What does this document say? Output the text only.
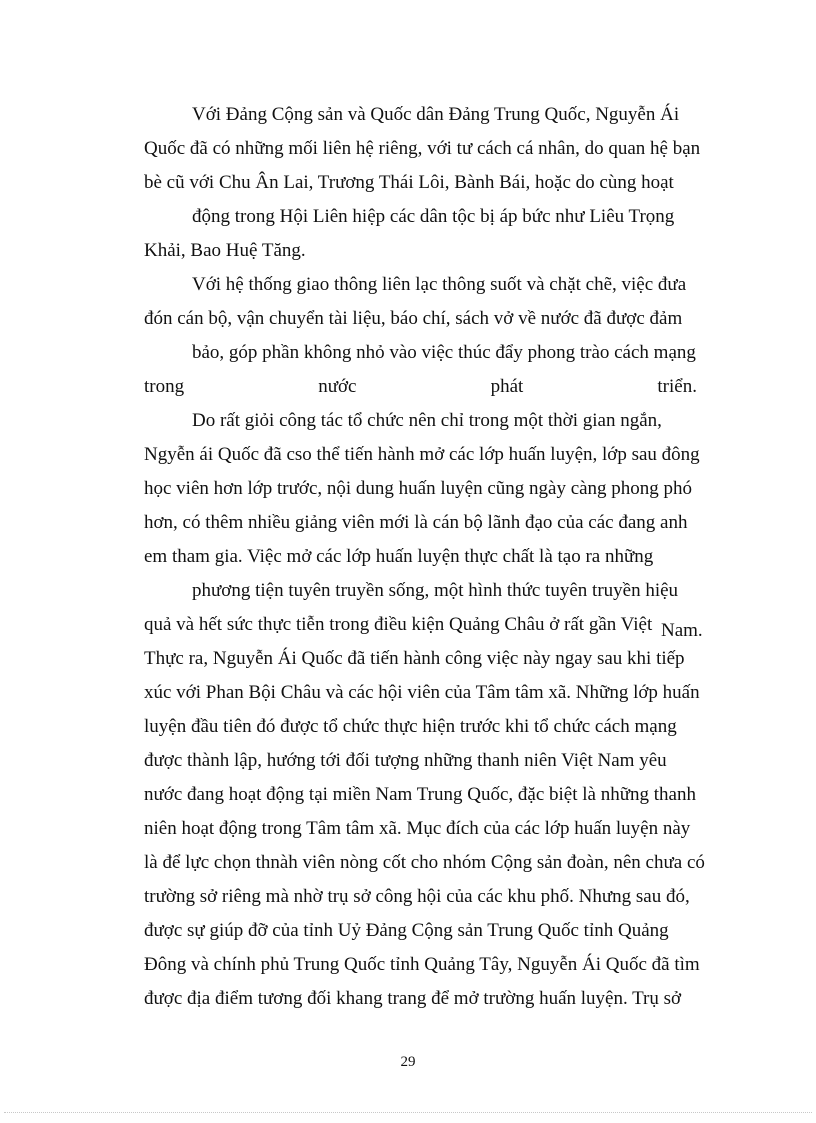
Với Đảng Cộng sản và Quốc dân Đảng Trung Quốc, Nguyễn Ái
Quốc đã có những mối liên hệ riêng, với tư cách cá nhân, do quan hệ bạn
bè cũ với Chu Ân Lai, Trương Thái Lôi, Bành Bái, hoặc do cùng hoạt
động trong Hội Liên hiệp các dân tộc bị áp bức như Liêu Trọng
Khải, Bao Huệ Tăng.
Với hệ thống giao thông liên lạc thông suốt và chặt chẽ, việc đưa
đón cán bộ, vận chuyển tài liệu, báo chí, sách vở về nước đã được đảm
bảo, góp phần không nhỏ vào việc thúc đẩy phong trào cách mạng
trong	nước	phát	triển.
Do rất giỏi công tác tổ chức nên chỉ trong một thời gian ngắn,
Ngyễn ái Quốc đã cso thể tiến hành mở các lớp huấn luyện, lớp sau đông
học viên hơn lớp trước, nội dung huấn luyện cũng ngày càng phong phó
hơn, có thêm nhiều giảng viên mới là cán bộ lãnh đạo của các đang anh
em tham gia. Việc mở các lớp huấn luyện thực chất là tạo ra những
phương tiện tuyên truyền sống, một hình thức tuyên truyền hiệu
quả và hết sức thực tiễn trong điều kiện Quảng Châu ở rất gần Việt Nam.
Thực ra, Nguyễn Ái Quốc đã tiến hành công việc này ngay sau khi tiếp
xúc với Phan Bội Châu và các hội viên của Tâm tâm xã. Những lớp huấn
luyện đầu tiên đó được tổ chức thực hiện trước khi tổ chức cách mạng
được thành lập, hướng tới đối tượng những thanh niên Việt Nam yêu
nước đang hoạt động tại miền Nam Trung Quốc, đặc biệt là những thanh
niên hoạt động trong Tâm tâm xã. Mục đích của các lớp huấn luyện này
là để lực chọn thnàh viên nòng cốt cho nhóm Cộng sản đoàn, nên chưa có
trường sở riêng mà nhờ trụ sở công hội của các khu phố. Nhưng sau đó,
được sự giúp đỡ của tỉnh Uỷ Đảng Cộng sản Trung Quốc tỉnh Quảng
Đông và chính phủ Trung Quốc tỉnh Quảng Tây, Nguyễn Ái Quốc đã tìm
được địa điểm tương đối khang trang để mở trường huấn luyện. Trụ sở
29
